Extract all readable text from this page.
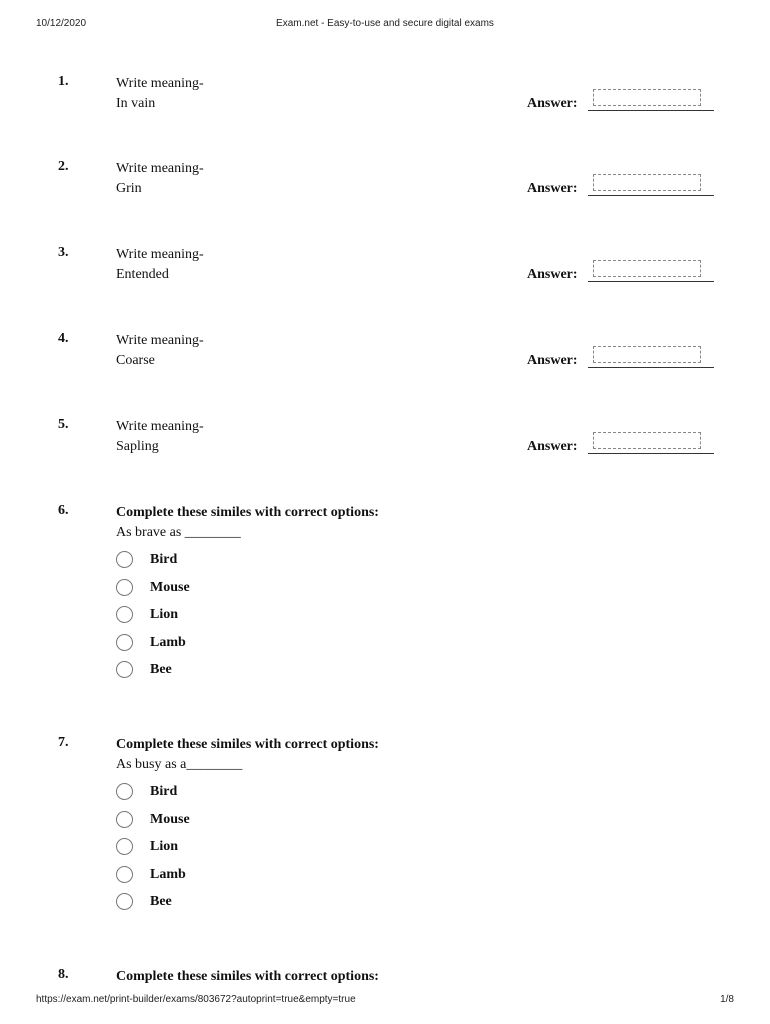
10/12/2020	Exam.net - Easy-to-use and secure digital exams
1.	Write meaning-
In vain	Answer:
2.	Write meaning-
Grin	Answer:
3.	Write meaning-
Entended	Answer:
4.	Write meaning-
Coarse	Answer:
5.	Write meaning-
Sapling	Answer:
6.	Complete these similes with correct options:
As brave as ________
Bird
Mouse
Lion
Lamb
Bee
7.	Complete these similes with correct options:
As busy as a________
Bird
Mouse
Lion
Lamb
Bee
8.	Complete these similes with correct options:
https://exam.net/print-builder/exams/803672?autoprint=true&empty=true	1/8
